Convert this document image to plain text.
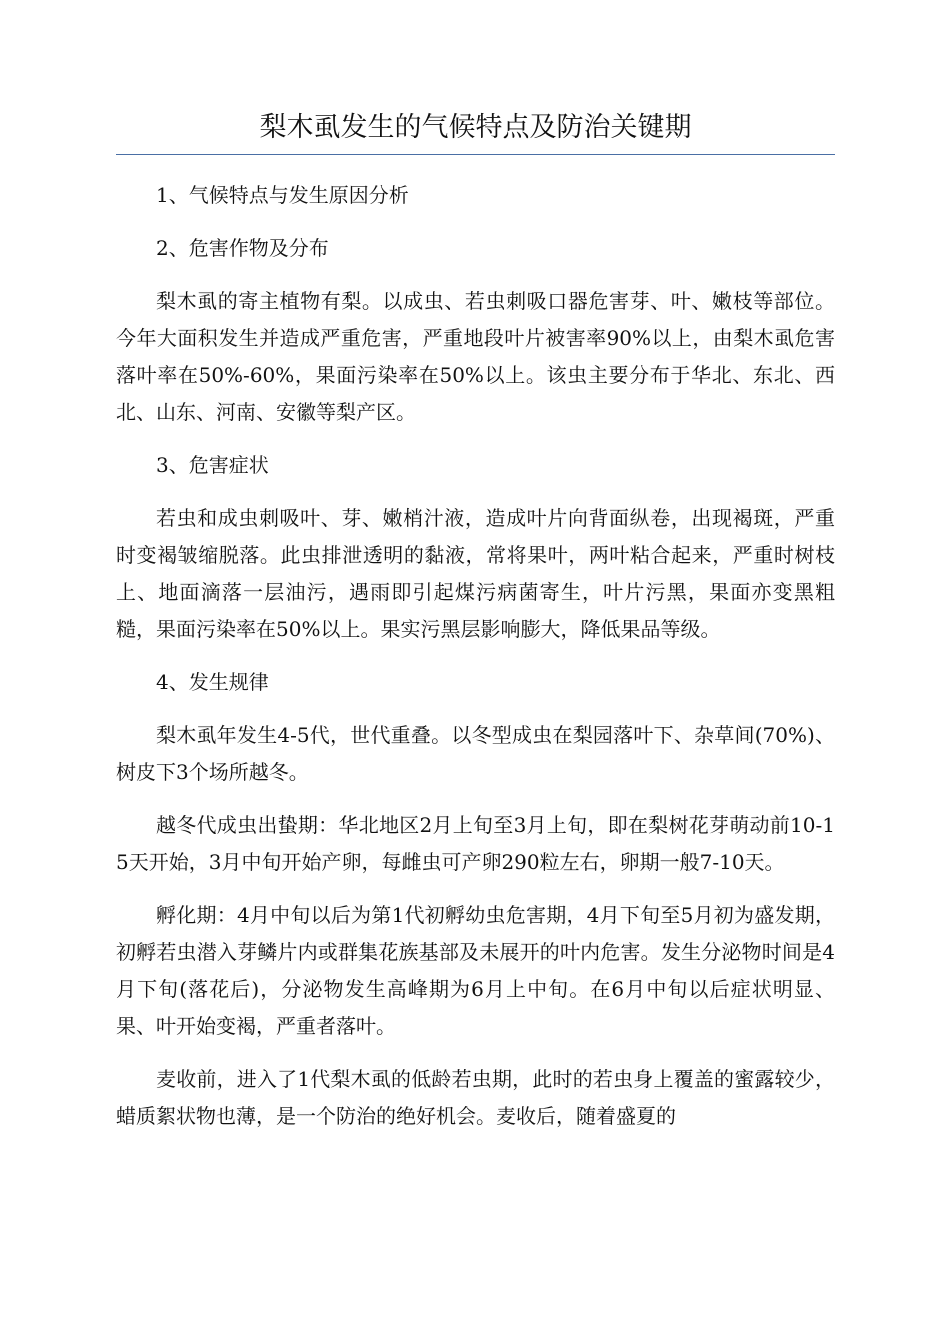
梨木虱发生的气候特点及防治关键期

1、气候特点与发生原因分析

2、危害作物及分布

梨木虱的寄主植物有梨。以成虫、若虫刺吸口器危害芽、叶、嫩枝等部位。今年大面积发生并造成严重危害，严重地段叶片被害率90%以上，由梨木虱危害落叶率在50%-60%，果面污染率在50%以上。该虫主要分布于华北、东北、西北、山东、河南、安徽等梨产区。

3、危害症状

若虫和成虫刺吸叶、芽、嫩梢汁液，造成叶片向背面纵卷，出现褐斑，严重时变褐皱缩脱落。此虫排泄透明的黏液，常将果叶，两叶粘合起来，严重时树枝上、地面滴落一层油污，遇雨即引起煤污病菌寄生，叶片污黑，果面亦变黑粗糙，果面污染率在50%以上。果实污黑层影响膨大，降低果品等级。

4、发生规律

梨木虱年发生4-5代，世代重叠。以冬型成虫在梨园落叶下、杂草间(70%)、树皮下3个场所越冬。

越冬代成虫出蛰期：华北地区2月上旬至3月上旬，即在梨树花芽萌动前10-15天开始，3月中旬开始产卵，每雌虫可产卵290粒左右，卵期一般7-10天。

孵化期：4月中旬以后为第1代初孵幼虫危害期，4月下旬至5月初为盛发期，初孵若虫潜入芽鳞片内或群集花族基部及未展开的叶内危害。发生分泌物时间是4月下旬(落花后)，分泌物发生高峰期为6月上中旬。在6月中旬以后症状明显、果、叶开始变褐，严重者落叶。

麦收前，进入了1代梨木虱的低龄若虫期，此时的若虫身上覆盖的蜜露较少，蜡质絮状物也薄，是一个防治的绝好机会。麦收后，随着盛夏的
